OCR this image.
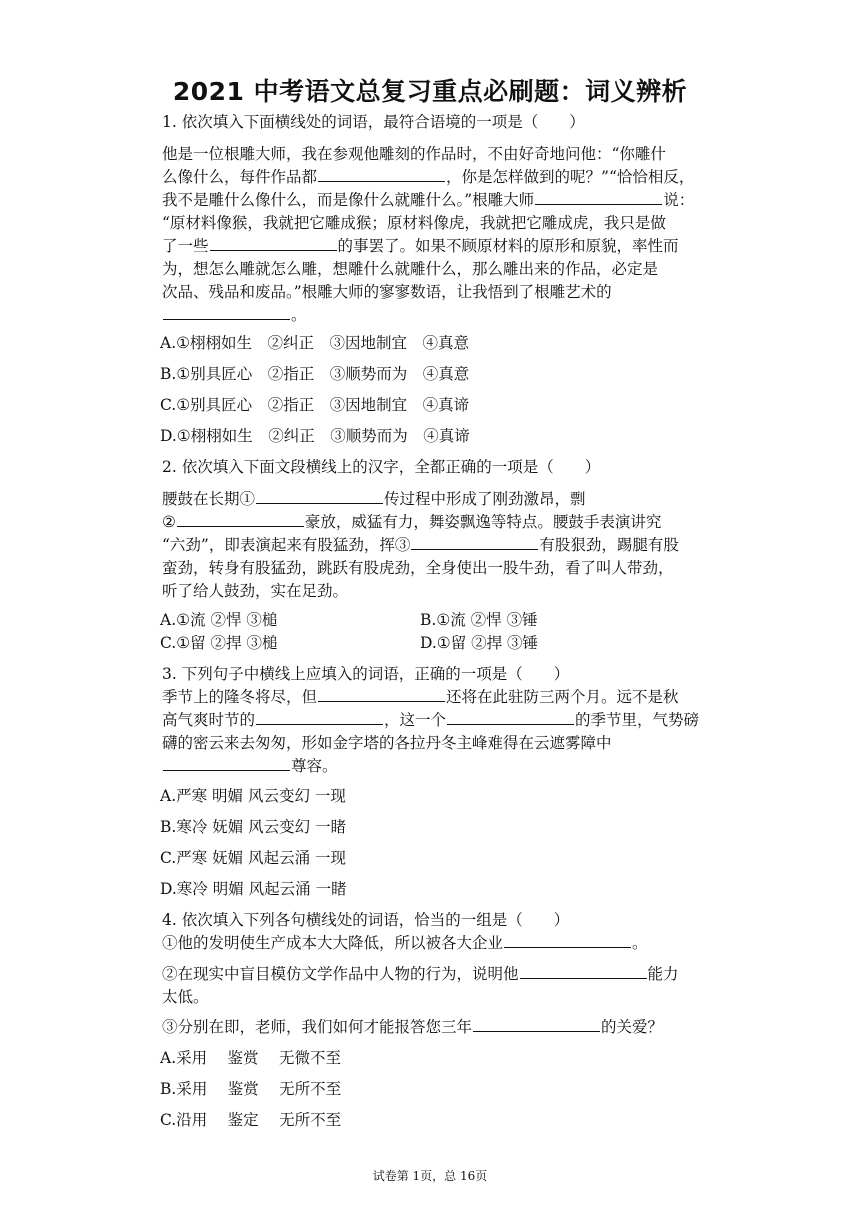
2021 中考语文总复习重点必刷题：词义辨析
1. 依次填入下面横线处的词语，最符合语境的一项是（　　）
他是一位根雕大师，我在参观他雕刻的作品时，不由好奇地问他：“你雕什
么像什么，每件作品都	，你是怎样做到的呢？”“恰恰相反，
我不是雕什么像什么，而是像什么就雕什么。”根雕大师	说：
“原材料像猴，我就把它雕成猴；原材料像虎，我就把它雕成虎，我只是做
了一些	的事罢了。如果不顾原材料的原形和原貌，率性而
为，想怎么雕就怎么雕，想雕什么就雕什么，那么雕出来的作品，必定是
次品、残品和废品。”根雕大师的寥寥数语，让我悟到了根雕艺术的
。
A.①栩栩如生　②纠正　③因地制宜　④真意
B.①别具匠心　②指正　③顺势而为　④真意
C.①别具匠心　②指正　③因地制宜　④真谛
D.①栩栩如生　②纠正　③顺势而为　④真谛
2. 依次填入下面文段横线上的汉字，全都正确的一项是（　　）
腰鼓在长期①	传过程中形成了刚劲激昂，剽
②	豪放，威猛有力，舞姿飘逸等特点。腰鼓手表演讲究
“六劲”，即表演起来有股猛劲，挥③	有股狠劲，踢腿有股
蛮劲，转身有股猛劲，跳跃有股虎劲，全身使出一股牛劲，看了叫人带劲，
听了给人鼓劲，实在足劲。
A.①流 ②悍 ③槌	B.①流 ②悍 ③锤
C.①留 ②捍 ③槌	D.①留 ②捍 ③锤
3. 下列句子中横线上应填入的词语，正确的一项是（　　）
季节上的隆冬将尽，但	还将在此驻防三两个月。远不是秋
高气爽时节的	，这一个	的季节里，气势磅
礴的密云来去匆匆，形如金字塔的各拉丹冬主峰难得在云遮雾障中
尊容。
A.严寒 明媚 风云变幻 一现
B.寒冷 妩媚 风云变幻 一睹
C.严寒 妩媚 风起云涌 一现
D.寒冷 明媚 风起云涌 一睹
4. 依次填入下列各句横线处的词语，恰当的一组是（　　）
①他的发明使生产成本大大降低，所以被各大企业	。
②在现实中盲目模仿文学作品中人物的行为，说明他	能力
太低。
③分别在即，老师，我们如何才能报答您三年	的关爱？
A.采用　 鉴赏　 无微不至
B.采用　 鉴赏　 无所不至
C.沿用　 鉴定　 无所不至
试卷第 1页，总 16页
